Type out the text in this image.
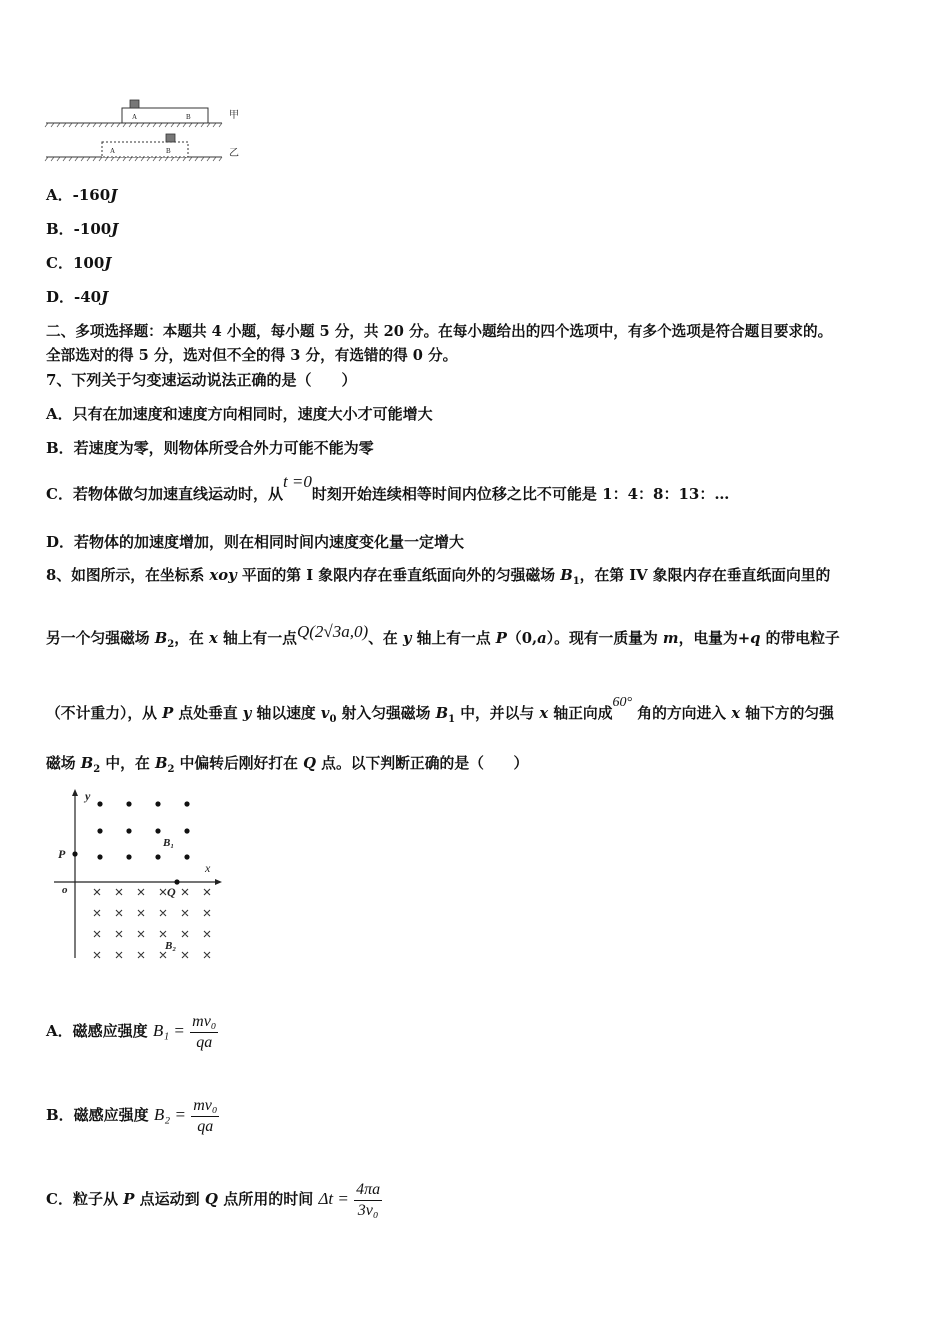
A	B	甲
A	B	乙
A．-160J
B．-100J
C．100J
D．-40J
二、多项选择题：本题共 4 小题，每小题 5 分，共 20 分。在每小题给出的四个选项中，有多个选项是符合题目要求的。
全部选对的得 5 分，选对但不全的得 3 分，有选错的得 0 分。
7、下列关于匀变速运动说法正确的是（　　）
A．只有在加速度和速度方向相同时，速度大小才可能增大
B．若速度为零，则物体所受合外力可能不能为零
C．若物体做匀加速直线运动时，从t =0时刻开始连续相等时间内位移之比不可能是 1：4：8：13：…
D．若物体的加速度增加，则在相同时间内速度变化量一定增大
8、如图所示，在坐标系 xoy 平面的第 I 象限内存在垂直纸面向外的匀强磁场 $B_1$，在第 IV 象限内存在垂直纸面向里的
另一个匀强磁场 $B_2$，在 x 轴上有一点Q(2√3a,0)、在 y 轴上有一点 P（0,a）。现有一质量为 m，电量为+q 的带电粒子
（不计重力），从 P 点处垂直 y 轴以速度 $v_0$ 射入匀强磁场 $B_1$ 中，并以与 x 轴正向成60° 角的方向进入 x 轴下方的匀强
磁场 $B_2$ 中，在 $B_2$ 中偏转后刚好打在 Q 点。以下判断正确的是（　　）
y
x
o
P
B₁
Q
B₂
A．磁感应强度 $B_1 = \frac{\text{mv₀}}{qa}$
B．磁感应强度 $B_2 = \frac{\text{mv₀}}{qa}$
C．粒子从 P 点运动到 Q 点所用的时间 $\Delta t = \frac{4\pi a}{\text{3v₀}}$
